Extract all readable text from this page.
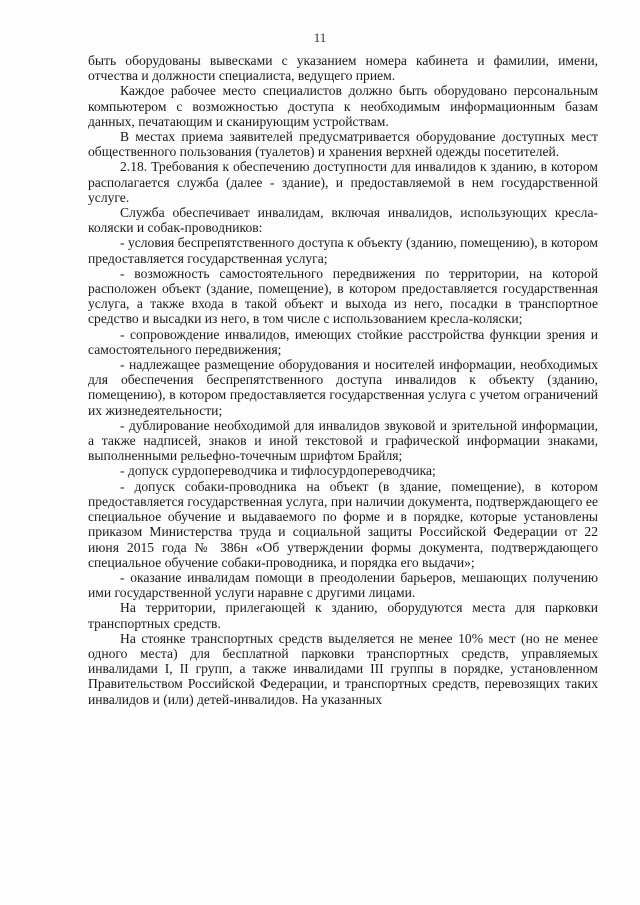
11

быть оборудованы вывесками с указанием номера кабинета и фамилии, имени, отчества и должности специалиста, ведущего прием.

Каждое рабочее место специалистов должно быть оборудовано персональным компьютером с возможностью доступа к необходимым информационным базам данных, печатающим и сканирующим устройствам.

В местах приема заявителей предусматривается оборудование доступных мест общественного пользования (туалетов) и хранения верхней одежды посетителей.

2.18. Требования к обеспечению доступности для инвалидов к зданию, в котором располагается служба (далее - здание), и предоставляемой в нем государственной услуге.

Служба обеспечивает инвалидам, включая инвалидов, использующих кресла-коляски и собак-проводников:

- условия беспрепятственного доступа к объекту (зданию, помещению), в котором предоставляется государственная услуга;

- возможность самостоятельного передвижения по территории, на которой расположен объект (здание, помещение), в котором предоставляется государственная услуга, а также входа в такой объект и выхода из него, посадки в транспортное средство и высадки из него, в том числе с использованием кресла-коляски;

- сопровождение инвалидов, имеющих стойкие расстройства функции зрения и самостоятельного передвижения;

- надлежащее размещение оборудования и носителей информации, необходимых для обеспечения беспрепятственного доступа инвалидов к объекту (зданию, помещению), в котором предоставляется государственная услуга с учетом ограничений их жизнедеятельности;

- дублирование необходимой для инвалидов звуковой и зрительной информации, а также надписей, знаков и иной текстовой и графической информации знаками, выполненными рельефно-точечным шрифтом Брайля;

- допуск сурдопереводчика и тифлосурдопереводчика;

- допуск собаки-проводника на объект (в здание, помещение), в котором предоставляется государственная услуга, при наличии документа, подтверждающего ее специальное обучение и выдаваемого по форме и в порядке, которые установлены приказом Министерства труда и социальной защиты Российской Федерации от 22 июня 2015 года № 386н «Об утверждении формы документа, подтверждающего специальное обучение собаки-проводника, и порядка его выдачи»;

- оказание инвалидам помощи в преодолении барьеров, мешающих получению ими государственной услуги наравне с другими лицами.

На территории, прилегающей к зданию, оборудуются места для парковки транспортных средств.

На стоянке транспортных средств выделяется не менее 10% мест (но не менее одного места) для бесплатной парковки транспортных средств, управляемых инвалидами I, II групп, а также инвалидами III группы в порядке, установленном Правительством Российской Федерации, и транспортных средств, перевозящих таких инвалидов и (или) детей-инвалидов. На указанных
